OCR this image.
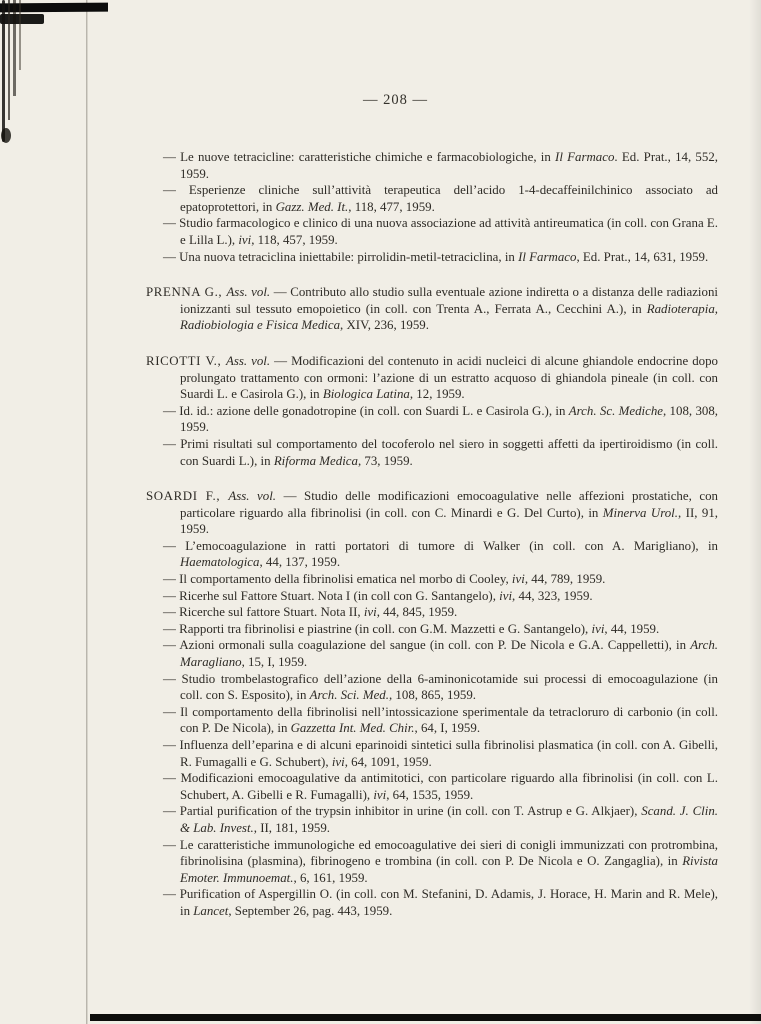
— 208 —

— Le nuove tetracicline: caratteristiche chimiche e farmacobiologiche, in Il Farmaco. Ed. Prat., 14, 552, 1959.

— Esperienze cliniche sull’attività terapeutica dell’acido 1-4-decaffeinilchinico associato ad epatoprotettori, in Gazz. Med. It., 118, 477, 1959.

— Studio farmacologico e clinico di una nuova associazione ad attività antireumatica (in coll. con Grana E. e Lilla L.), ivi, 118, 457, 1959.

— Una nuova tetraciclina iniettabile: pirrolidin-metil-tetraciclina, in Il Farmaco, Ed. Prat., 14, 631, 1959.

PRENNA G., Ass. vol. — Contributo allo studio sulla eventuale azione indiretta o a distanza delle radiazioni ionizzanti sul tessuto emopoietico (in coll. con Trenta A., Ferrata A., Cecchini A.), in Radioterapia, Radiobiologia e Fisica Medica, XIV, 236, 1959.

RICOTTI V., Ass. vol. — Modificazioni del contenuto in acidi nucleici di alcune ghiandole endocrine dopo prolungato trattamento con ormoni: l’azione di un estratto acquoso di ghiandola pineale (in coll. con Suardi L. e Casirola G.), in Biologica Latina, 12, 1959.

— Id. id.: azione delle gonadotropine (in coll. con Suardi L. e Casirola G.), in Arch. Sc. Mediche, 108, 308, 1959.

— Primi risultati sul comportamento del tocoferolo nel siero in soggetti affetti da ipertiroidismo (in coll. con Suardi L.), in Riforma Medica, 73, 1959.

SOARDI F., Ass. vol. — Studio delle modificazioni emocoagulative nelle affezioni prostatiche, con particolare riguardo alla fibrinolisi (in coll. con C. Minardi e G. Del Curto), in Minerva Urol., II, 91, 1959.

— L’emocoagulazione in ratti portatori di tumore di Walker (in coll. con A. Marigliano), in Haematologica, 44, 137, 1959.

— Il comportamento della fibrinolisi ematica nel morbo di Cooley, ivi, 44, 789, 1959.

— Ricerhe sul Fattore Stuart. Nota I (in coll con G. Santangelo), ivi, 44, 323, 1959.

— Ricerche sul fattore Stuart. Nota II, ivi, 44, 845, 1959.

— Rapporti tra fibrinolisi e piastrine (in coll. con G.M. Mazzetti e G. Santangelo), ivi, 44, 1959.

— Azioni ormonali sulla coagulazione del sangue (in coll. con P. De Nicola e G.A. Cappelletti), in Arch. Maragliano, 15, I, 1959.

— Studio trombelastografico dell’azione della 6-aminonicotamide sui processi di emocoagulazione (in coll. con S. Esposito), in Arch. Sci. Med., 108, 865, 1959.

— Il comportamento della fibrinolisi nell’intossicazione sperimentale da tetracloruro di carbonio (in coll. con P. De Nicola), in Gazzetta Int. Med. Chir., 64, I, 1959.

— Influenza dell’eparina e di alcuni eparinoidi sintetici sulla fibrinolisi plasmatica (in coll. con A. Gibelli, R. Fumagalli e G. Schubert), ivi, 64, 1091, 1959.

— Modificazioni emocoagulative da antimitotici, con particolare riguardo alla fibrinolisi (in coll. con L. Schubert, A. Gibelli e R. Fumagalli), ivi, 64, 1535, 1959.

— Partial purification of the trypsin inhibitor in urine (in coll. con T. Astrup e G. Alkjaer), Scand. J. Clin. & Lab. Invest., II, 181, 1959.

— Le caratteristiche immunologiche ed emocoagulative dei sieri di conigli immunizzati con protrombina, fibrinolisina (plasmina), fibrinogeno e trombina (in coll. con P. De Nicola e O. Zangaglia), in Rivista Emoter. Immunoemat., 6, 161, 1959.

— Purification of Aspergillin O. (in coll. con M. Stefanini, D. Adamis, J. Horace, H. Marin and R. Mele), in Lancet, September 26, pag. 443, 1959.
